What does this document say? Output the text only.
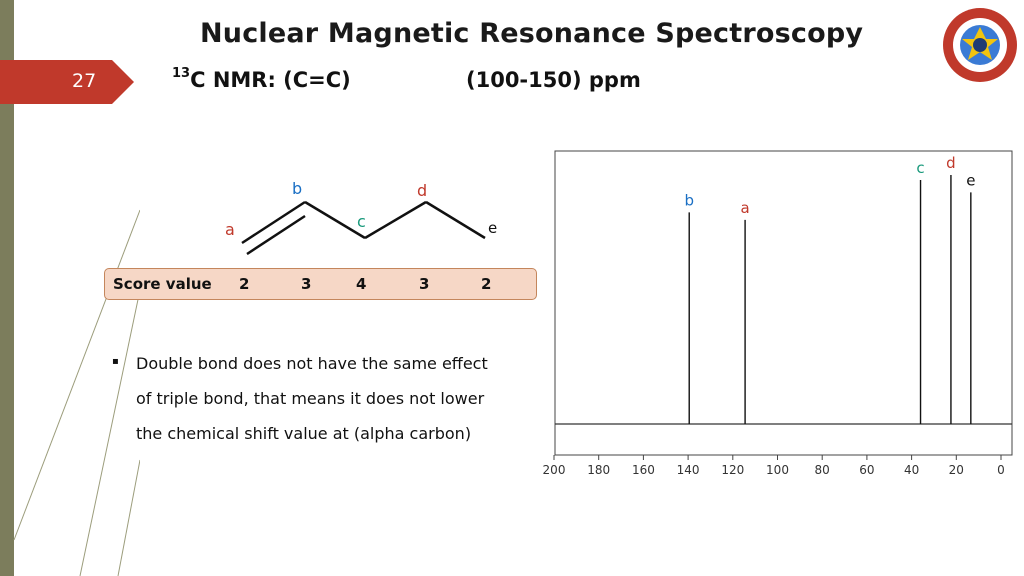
Nuclear Magnetic Resonance Spectroscopy
27	$^{13}$C NMR: (C=C)	(100-150) ppm
a
b
c
d
e
Score value 2	3	4	3	2
▪ Double bond does not have the same effect
of triple bond, that means it does not lower
the chemical shift value at (alpha carbon)
200 180 160 140 120 100 80 60 40 20	0
b	a
c d
e
